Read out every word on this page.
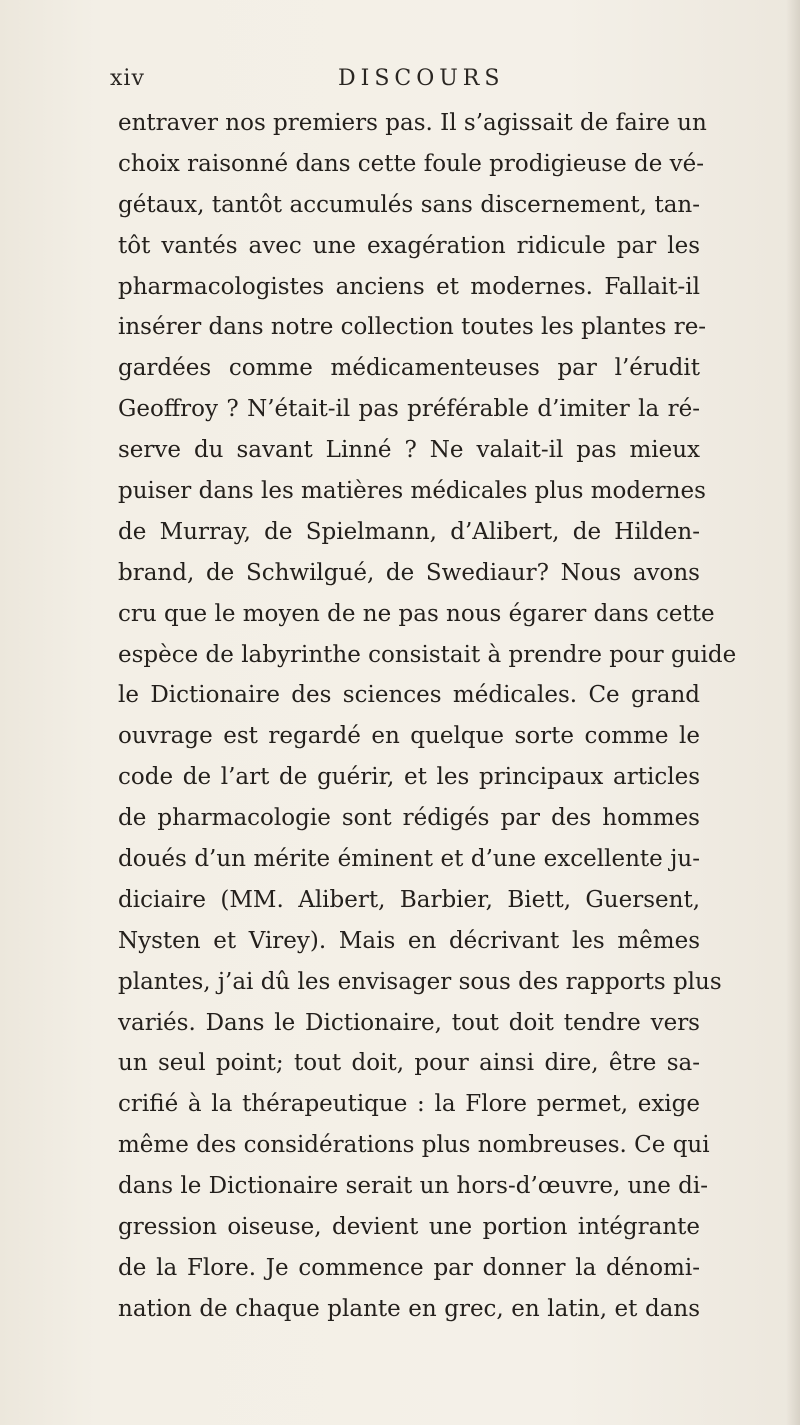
xiv	DISCOURS
entraver nos premiers pas. Il s’agissait de faire un
choix raisonné dans cette foule prodigieuse de vé-
gétaux, tantôt accumulés sans discernement, tan-
tôt vantés avec une exagération ridicule par les
pharmacologistes anciens et modernes. Fallait-il
insérer dans notre collection toutes les plantes re-
gardées comme médicamenteuses par l’érudit
Geoffroy ? N’était-il pas préférable d’imiter la ré-
serve du savant Linné ? Ne valait-il pas mieux
puiser dans les matières médicales plus modernes
de Murray, de Spielmann, d’Alibert, de Hilden-
brand, de Schwilgué, de Swediaur? Nous avons
cru que le moyen de ne pas nous égarer dans cette
espèce de labyrinthe consistait à prendre pour guide
le Dictionaire des sciences médicales. Ce grand
ouvrage est regardé en quelque sorte comme le
code de l’art de guérir, et les principaux articles
de pharmacologie sont rédigés par des hommes
doués d’un mérite éminent et d’une excellente ju-
diciaire (MM. Alibert, Barbier, Biett, Guersent,
Nysten et Virey). Mais en décrivant les mêmes
plantes, j’ai dû les envisager sous des rapports plus
variés. Dans le Dictionaire, tout doit tendre vers
un seul point; tout doit, pour ainsi dire, être sa-
crifié à la thérapeutique : la Flore permet, exige
même des considérations plus nombreuses. Ce qui
dans le Dictionaire serait un hors-d’œuvre, une di-
gression oiseuse, devient une portion intégrante
de la Flore. Je commence par donner la dénomi-
nation de chaque plante en grec, en latin, et dans
